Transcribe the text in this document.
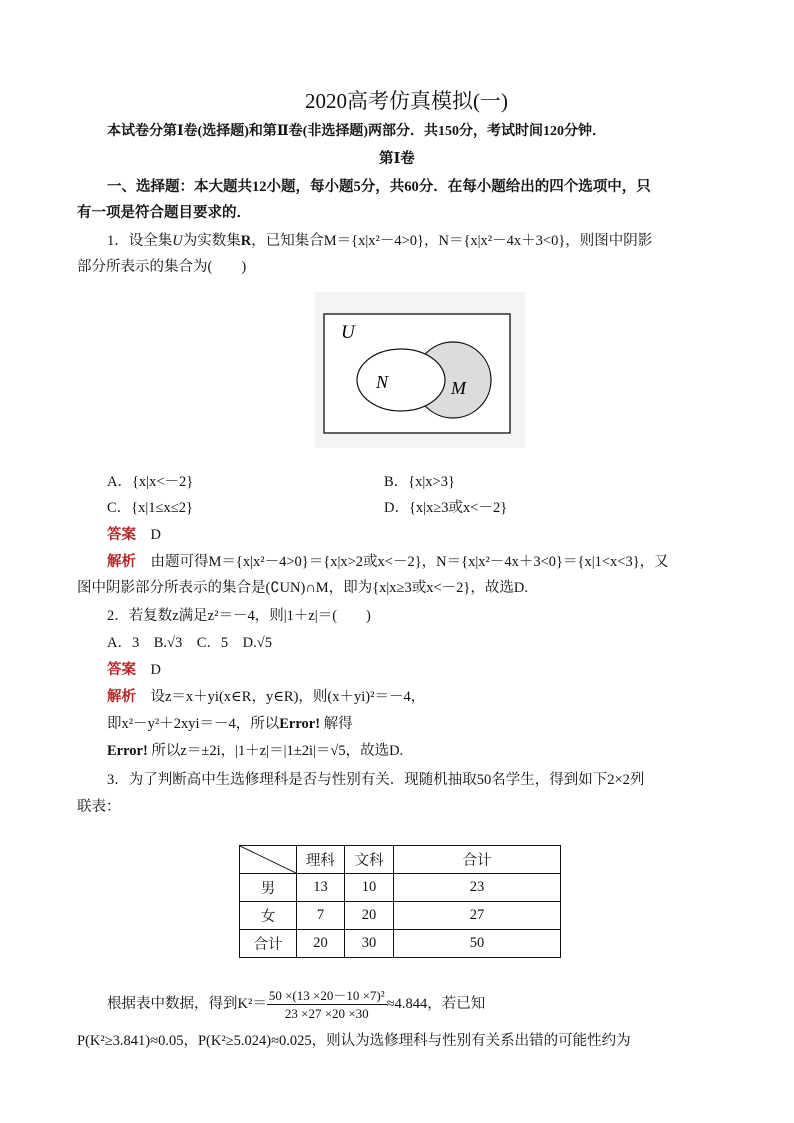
2020高考仿真模拟(一)
本试卷分第Ⅰ卷(选择题)和第Ⅱ卷(非选择题)两部分．共150分，考试时间120分钟．
第Ⅰ卷
一、选择题：本大题共12小题，每小题5分，共60分．在每小题给出的四个选项中，只
有一项是符合题目要求的．
1．设全集U为实数集R，已知集合M＝{x|x²－4>0}，N＝{x|x²－4x＋3<0}，则图中阴影
部分所表示的集合为(　　)
U
N	M
A．{x|x<－2}	B．{x|x>3}
C．{x|1≤x≤2}	D．{x|x≥3或x<－2}
答案　 D
解析　 由题可得M＝{x|x²－4>0}＝{x|x>2或x<－2}，N＝{x|x²－4x＋3<0}＝{x|1<x<3}，又
图中阴影部分所表示的集合是(∁UN)∩M，即为{x|x≥3或x<－2}，故选D.
2．若复数z满足z²＝－4，则|1＋z|＝(　　)
A．3　B.√3　C．5　D.√5
答案　 D
解析　 设z＝x＋yi(x∈R，y∈R)，则(x＋yi)²＝－4，
即x²－y²＋2xyi＝－4，所以Error! 解得
Error! 所以z＝±2i，|1＋z|＝|1±2i|＝√5，故选D.
3．为了判断高中生选修理科是否与性别有关．现随机抽取50名学生，得到如下2×2列
联表：
	理科	文科	合计
男	13	10	23
女	7	20	27
合计	20	30	50
根据表中数据，得到$K^2= \frac{\text{50 ×(13 ×20－10 ×7)²}}{23 \times 27 \times 20 \times 30} \approx 4.844$，若已知
P(K²≥3.841)≈0.05，P(K²≥5.024)≈0.025，则认为选修理科与性别有关系出错的可能性约为
